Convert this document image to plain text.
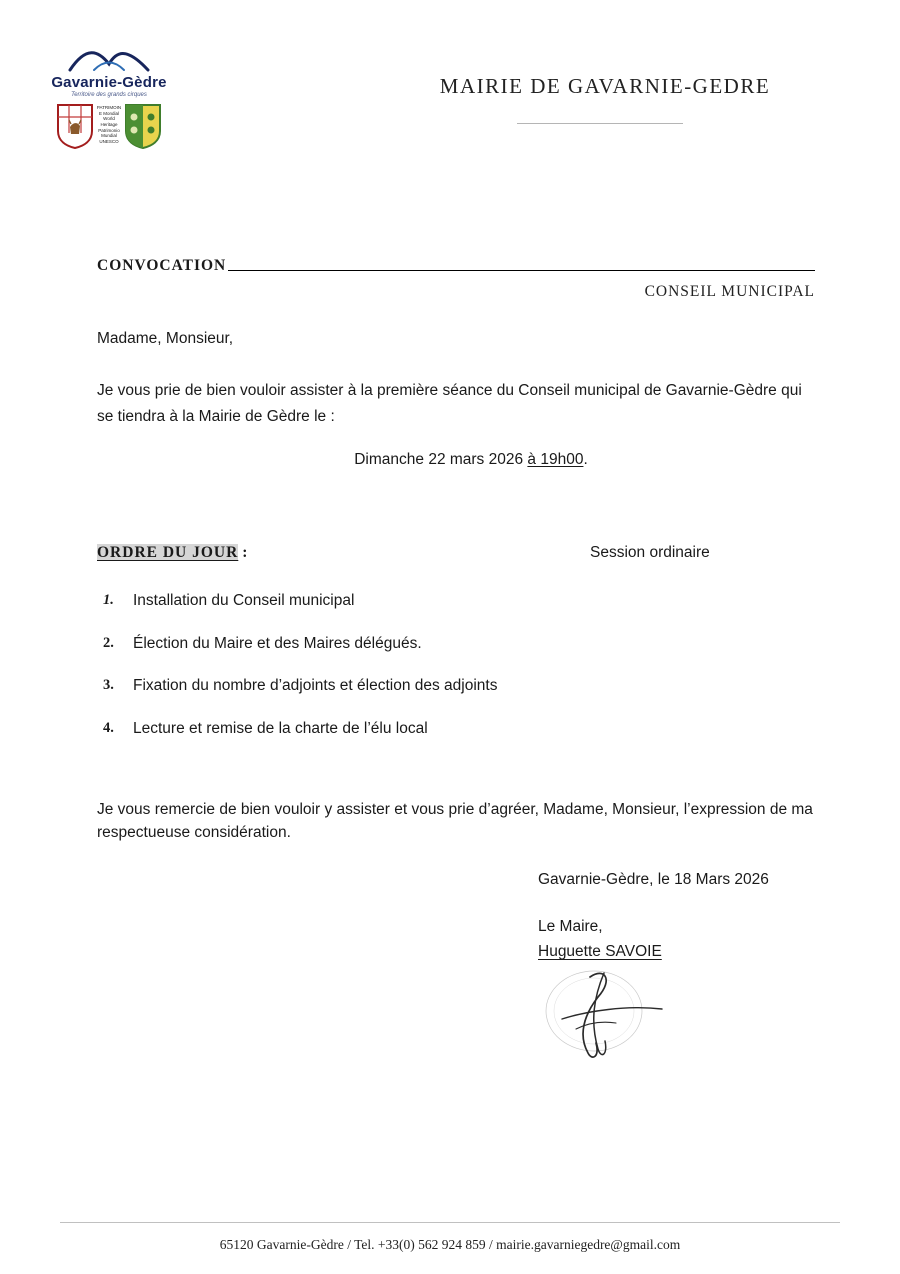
Gavarnie-Gèdre
Territoire des grands cirques
PATRIMOINE Mondial World Heritage Patrimonio Mundial UNESCO
MAIRIE DE GAVARNIE-GEDRE
CONVOCATION
CONSEIL MUNICIPAL
Madame, Monsieur,
Je vous prie de bien vouloir assister à la première séance du Conseil municipal de Gavarnie-Gèdre qui
se tiendra à la Mairie de Gèdre le :
Dimanche 22 mars 2026 à 19h00.
ORDRE DU JOUR :	Session ordinaire
1.	Installation du Conseil municipal
2.	Élection du Maire et des Maires délégués.
3.	Fixation du nombre d’adjoints et élection des adjoints
4.	Lecture et remise de la charte de l’élu local
Je vous remercie de bien vouloir y assister et vous prie d’agréer, Madame, Monsieur, l’expression de ma
respectueuse considération.
Gavarnie-Gèdre, le 18 Mars 2026
Le Maire,
Huguette SAVOIE
65120 Gavarnie-Gèdre / Tel. +33(0) 562 924 859 / mairie.gavarniegedre@gmail.com
